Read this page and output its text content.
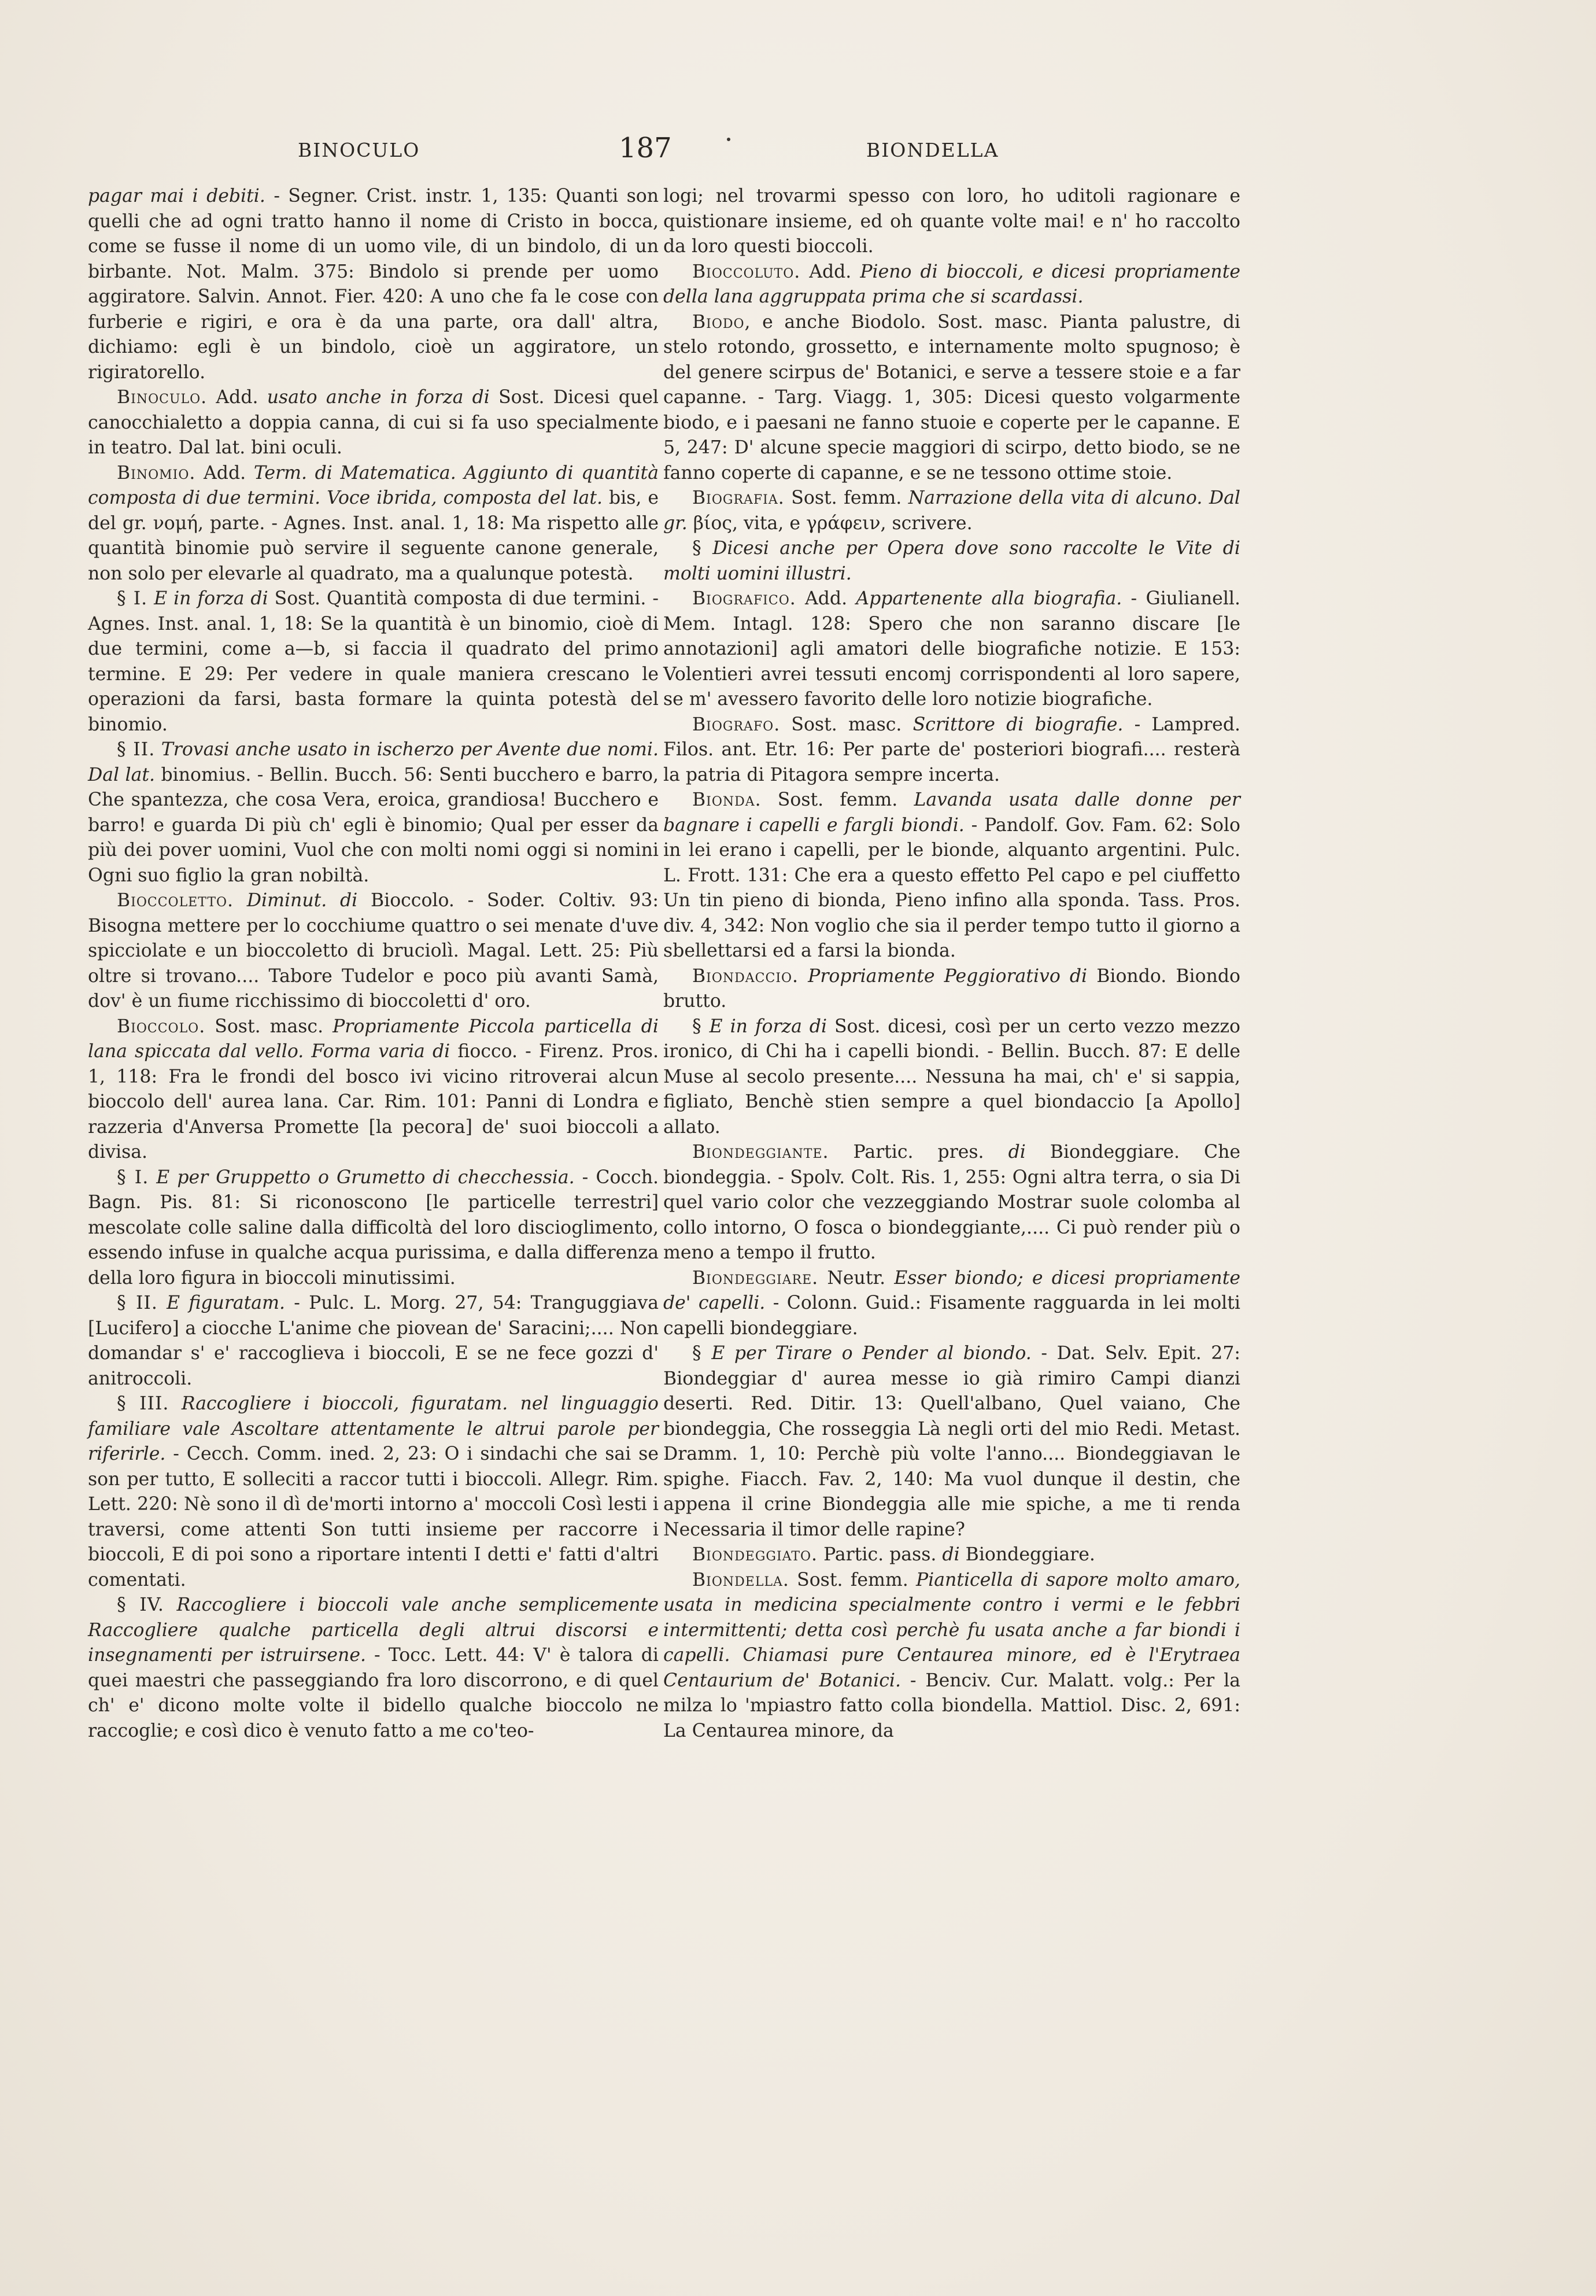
BINOCULO	187	BIONDELLA

pagar mai i debiti. - Segner. Crist. instr. 1, 135: Quanti son quelli che ad ogni tratto hanno il nome di Cristo in bocca, come se fusse il nome di un uomo vile, di un bindolo, di un birbante. Not. Malm. 375: Bindolo si prende per uomo aggiratore. Salvin. Annot. Fier. 420: A uno che fa le cose con furberie e rigiri, e ora è da una parte, ora dall' altra, dichiamo: egli è un bindolo, cioè un aggiratore, un rigiratorello.

Binoculo. Add. usato anche in forza di Sost. Dicesi quel canocchialetto a doppia canna, di cui si fa uso specialmente in teatro. Dal lat. bini oculi.

Binomio. Add. Term. di Matematica. Aggiunto di quantità composta di due termini. Voce ibrida, composta del lat. bis, e del gr. νομή, parte. - Agnes. Inst. anal. 1, 18: Ma rispetto alle quantità binomie può servire il seguente canone generale, non solo per elevarle al quadrato, ma a qualunque potestà.

§ I. E in forza di Sost. Quantità composta di due termini. - Agnes. Inst. anal. 1, 18: Se la quantità è un binomio, cioè di due termini, come a—b, si faccia il quadrato del primo termine. E 29: Per vedere in quale maniera crescano le operazioni da farsi, basta formare la quinta potestà del binomio.

§ II. Trovasi anche usato in ischerzo per Avente due nomi. Dal lat. binomius. - Bellin. Bucch. 56: Senti bucchero e barro, Che spantezza, che cosa Vera, eroica, grandiosa! Bucchero e barro! e guarda Di più ch' egli è binomio; Qual per esser da più dei pover uomini, Vuol che con molti nomi oggi si nomini Ogni suo figlio la gran nobiltà.

Bioccoletto. Diminut. di Bioccolo. - Soder. Coltiv. 93: Bisogna mettere per lo cocchiume quattro o sei menate d'uve spicciolate e un bioccoletto di bruciolì. Magal. Lett. 25: Più oltre si trovano.... Tabore Tudelor e poco più avanti Samà, dov' è un fiume ricchissimo di bioccoletti d' oro.

Bioccolo. Sost. masc. Propriamente Piccola particella di lana spiccata dal vello. Forma varia di fiocco. - Firenz. Pros. 1, 118: Fra le frondi del bosco ivi vicino ritroverai alcun bioccolo dell' aurea lana. Car. Rim. 101: Panni di Londra e razzeria d'Anversa Promette [la pecora] de' suoi bioccoli a divisa.

§ I. E per Gruppetto o Grumetto di checchessia. - Cocch. Bagn. Pis. 81: Si riconoscono [le particelle terrestri] mescolate colle saline dalla difficoltà del loro discioglimento, essendo infuse in qualche acqua purissima, e dalla differenza della loro figura in bioccoli minutissimi.

§ II. E figuratam. - Pulc. L. Morg. 27, 54: Tranguggiava [Lucifero] a ciocche L'anime che piovean de' Saracini;.... Non domandar s' e' raccoglieva i bioccoli, E se ne fece gozzi d' anitroccoli.

§ III. Raccogliere i bioccoli, figuratam. nel linguaggio familiare vale Ascoltare attentamente le altrui parole per riferirle. - Cecch. Comm. ined. 2, 23: O i sindachi che sai se son per tutto, E solleciti a raccor tutti i bioccoli. Allegr. Rim. Lett. 220: Nè sono il dì de'morti intorno a' moccoli Così lesti i traversi, come attenti Son tutti insieme per raccorre i bioccoli, E di poi sono a riportare intenti I detti e' fatti d'altri comentati.

§ IV. Raccogliere i bioccoli vale anche semplicemente Raccogliere qualche particella degli altrui discorsi e insegnamenti per istruirsene. - Tocc. Lett. 44: V' è talora di quei maestri che passeggiando fra loro discorrono, e di quel ch' e' dicono molte volte il bidello qualche bioccolo ne raccoglie; e così dico è venuto fatto a me co'teo-

logi; nel trovarmi spesso con loro, ho uditoli ragionare e quistionare insieme, ed oh quante volte mai! e n' ho raccolto da loro questi bioccoli.

Bioccoluto. Add. Pieno di bioccoli, e dicesi propriamente della lana aggruppata prima che si scardassi.

Biodo, e anche Biodolo. Sost. masc. Pianta palustre, di stelo rotondo, grossetto, e internamente molto spugnoso; è del genere scirpus de' Botanici, e serve a tessere stoie e a far capanne. - Targ. Viagg. 1, 305: Dicesi questo volgarmente biodo, e i paesani ne fanno stuoie e coperte per le capanne. E 5, 247: D' alcune specie maggiori di scirpo, detto biodo, se ne fanno coperte di capanne, e se ne tessono ottime stoie.

Biografia. Sost. femm. Narrazione della vita di alcuno. Dal gr. βίος, vita, e γράφειν, scrivere.

§ Dicesi anche per Opera dove sono raccolte le Vite di molti uomini illustri.

Biografico. Add. Appartenente alla biografia. - Giulianell. Mem. Intagl. 128: Spero che non saranno discare [le annotazioni] agli amatori delle biografiche notizie. E 153: Volentieri avrei tessuti encomj corrispondenti al loro sapere, se m' avessero favorito delle loro notizie biografiche.

Biografo. Sost. masc. Scrittore di biografie. - Lampred. Filos. ant. Etr. 16: Per parte de' posteriori biografi.... resterà la patria di Pitagora sempre incerta.

Bionda. Sost. femm. Lavanda usata dalle donne per bagnare i capelli e fargli biondi. - Pandolf. Gov. Fam. 62: Solo in lei erano i capelli, per le bionde, alquanto argentini. Pulc. L. Frott. 131: Che era a questo effetto Pel capo e pel ciuffetto Un tin pieno di bionda, Pieno infino alla sponda. Tass. Pros. div. 4, 342: Non voglio che sia il perder tempo tutto il giorno a sbellettarsi ed a farsi la bionda.

Biondaccio. Propriamente Peggiorativo di Biondo. Biondo brutto.

§ E in forza di Sost. dicesi, così per un certo vezzo mezzo ironico, di Chi ha i capelli biondi. - Bellin. Bucch. 87: E delle Muse al secolo presente.... Nessuna ha mai, ch' e' si sappia, figliato, Benchè stien sempre a quel biondaccio [a Apollo] allato.

Biondeggiante. Partic. pres. di Biondeggiare. Che biondeggia. - Spolv. Colt. Ris. 1, 255: Ogni altra terra, o sia Di quel vario color che vezzeggiando Mostrar suole colomba al collo intorno, O fosca o biondeggiante,.... Ci può render più o meno a tempo il frutto.

Biondeggiare. Neutr. Esser biondo; e dicesi propriamente de' capelli. - Colonn. Guid.: Fisamente ragguarda in lei molti capelli biondeggiare.

§ E per Tirare o Pender al biondo. - Dat. Selv. Epit. 27: Biondeggiar d' aurea messe io già rimiro Campi dianzi deserti. Red. Ditir. 13: Quell'albano, Quel vaiano, Che biondeggia, Che rosseggia Là negli orti del mio Redi. Metast. Dramm. 1, 10: Perchè più volte l'anno.... Biondeggiavan le spighe. Fiacch. Fav. 2, 140: Ma vuol dunque il destin, che appena il crine Biondeggia alle mie spiche, a me ti renda Necessaria il timor delle rapine?

Biondeggiato. Partic. pass. di Biondeggiare.

Biondella. Sost. femm. Pianticella di sapore molto amaro, usata in medicina specialmente contro i vermi e le febbri intermittenti; detta così perchè fu usata anche a far biondi i capelli. Chiamasi pure Centaurea minore, ed è l'Erytraea Centaurium de' Botanici. - Benciv. Cur. Malatt. volg.: Per la milza lo 'mpiastro fatto colla biondella. Mattiol. Disc. 2, 691: La Centaurea minore, da
